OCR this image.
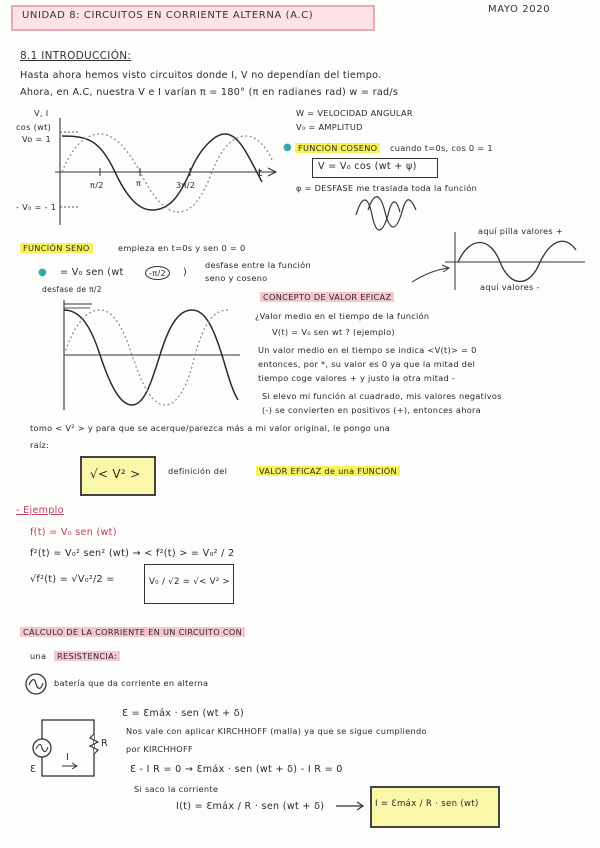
UNIDAD 8: CIRCUITOS EN CORRIENTE ALTERNA (A.C)
MAYO 2020
8.1 INTRODUCCIÓN:
Hasta ahora hemos visto circuitos donde I, V no dependían del tiempo.
Ahora, en A.C, nuestra V e I varían π = 180° (π en radianes rad) w = rad/s
V, I
cos (wt)
Vo = 1
- V₀ = - 1
π/2	π	3π/2
t
W = VELOCIDAD ANGULAR
V₀ = AMPLITUD
● FUNCIÓN COSENO	cuando t=0s, cos 0 = 1
V = V₀ cos (wt + ψ)
φ = DESFASE me traslada toda la función
FUNCIÓN SENO	empieza en t=0s y sen 0 = 0
● = V₀ sen (wt	-π/2	)
desfase entre la función
seno y coseno
aquí pilla valores +
aquí valores -
desfase de π/2
CONCEPTO DE VALOR EFICAZ
¿Valor medio en el tiempo de la función
V(t) = V₀ sen wt ? (ejemplo)
Un valor medio en el tiempo se indica <V(t)> = 0
entonces, por *, su valor es 0 ya que la mitad del
tiempo coge valores + y justo la otra mitad -
Si elevo mi función al cuadrado, mis valores negativos
(-) se convierten en positivos (+), entonces ahora
tomo < V² > y para que se acerque/parezca más a mi valor original, le pongo una
raíz:
√< V² >	definición del	VALOR EFICAZ de una FUNCIÓN
- Ejemplo
f(t) = V₀ sen (wt)
f²(t) = V₀² sen² (wt) → < f²(t) > = V₀² / 2
√f²(t) = √V₀²/2 =	V₀ / √2 = √< V² >
CÁLCULO DE LA CORRIENTE EN UN CIRCUITO CON
una	RESISTENCIA:
batería que da corriente en alterna
Ɛ
I
R
Ɛ = Ɛmáx · sen (wt + δ)
Nos vale con aplicar KIRCHHOFF (malla) ya que se sigue cumpliendo
por KIRCHHOFF
Ɛ - I R = 0 → Ɛmáx · sen (wt + δ) - I R = 0
Si saco la corriente
I(t) = Ɛmáx / R · sen (wt + δ)	I = Ɛmáx / R · sen (wt)
